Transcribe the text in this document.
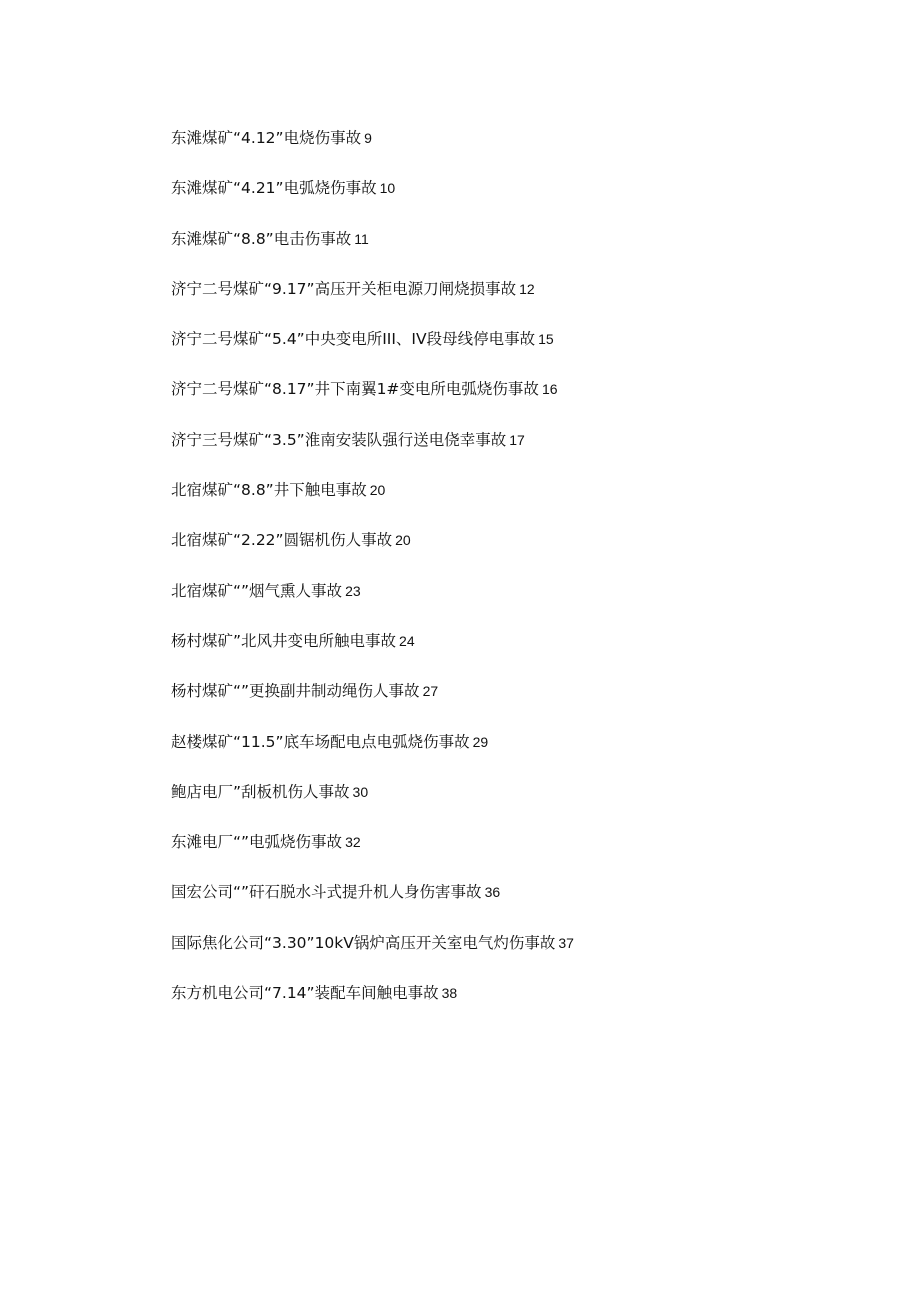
东滩煤矿“4.12”电烧伤事故 9
东滩煤矿“4.21”电弧烧伤事故 10
东滩煤矿“8.8”电击伤事故 11
济宁二号煤矿“9.17”高压开关柜电源刀闸烧损事故 12
济宁二号煤矿“5.4”中央变电所III、IV段母线停电事故 15
济宁二号煤矿“8.17”井下南翼1#变电所电弧烧伤事故 16
济宁三号煤矿“3.5”淮南安装队强行送电侥幸事故 17
北宿煤矿“8.8”井下触电事故 20
北宿煤矿“2.22”圆锯机伤人事故 20
北宿煤矿“”烟气熏人事故 23
杨村煤矿”北风井变电所触电事故 24
杨村煤矿“”更换副井制动绳伤人事故 27
赵楼煤矿“11.5”底车场配电点电弧烧伤事故 29
鲍店电厂”刮板机伤人事故 30
东滩电厂“”电弧烧伤事故 32
国宏公司“”矸石脱水斗式提升机人身伤害事故 36
国际焦化公司“3.30”10kV锅炉高压开关室电气灼伤事故 37
东方机电公司“7.14”装配车间触电事故 38
